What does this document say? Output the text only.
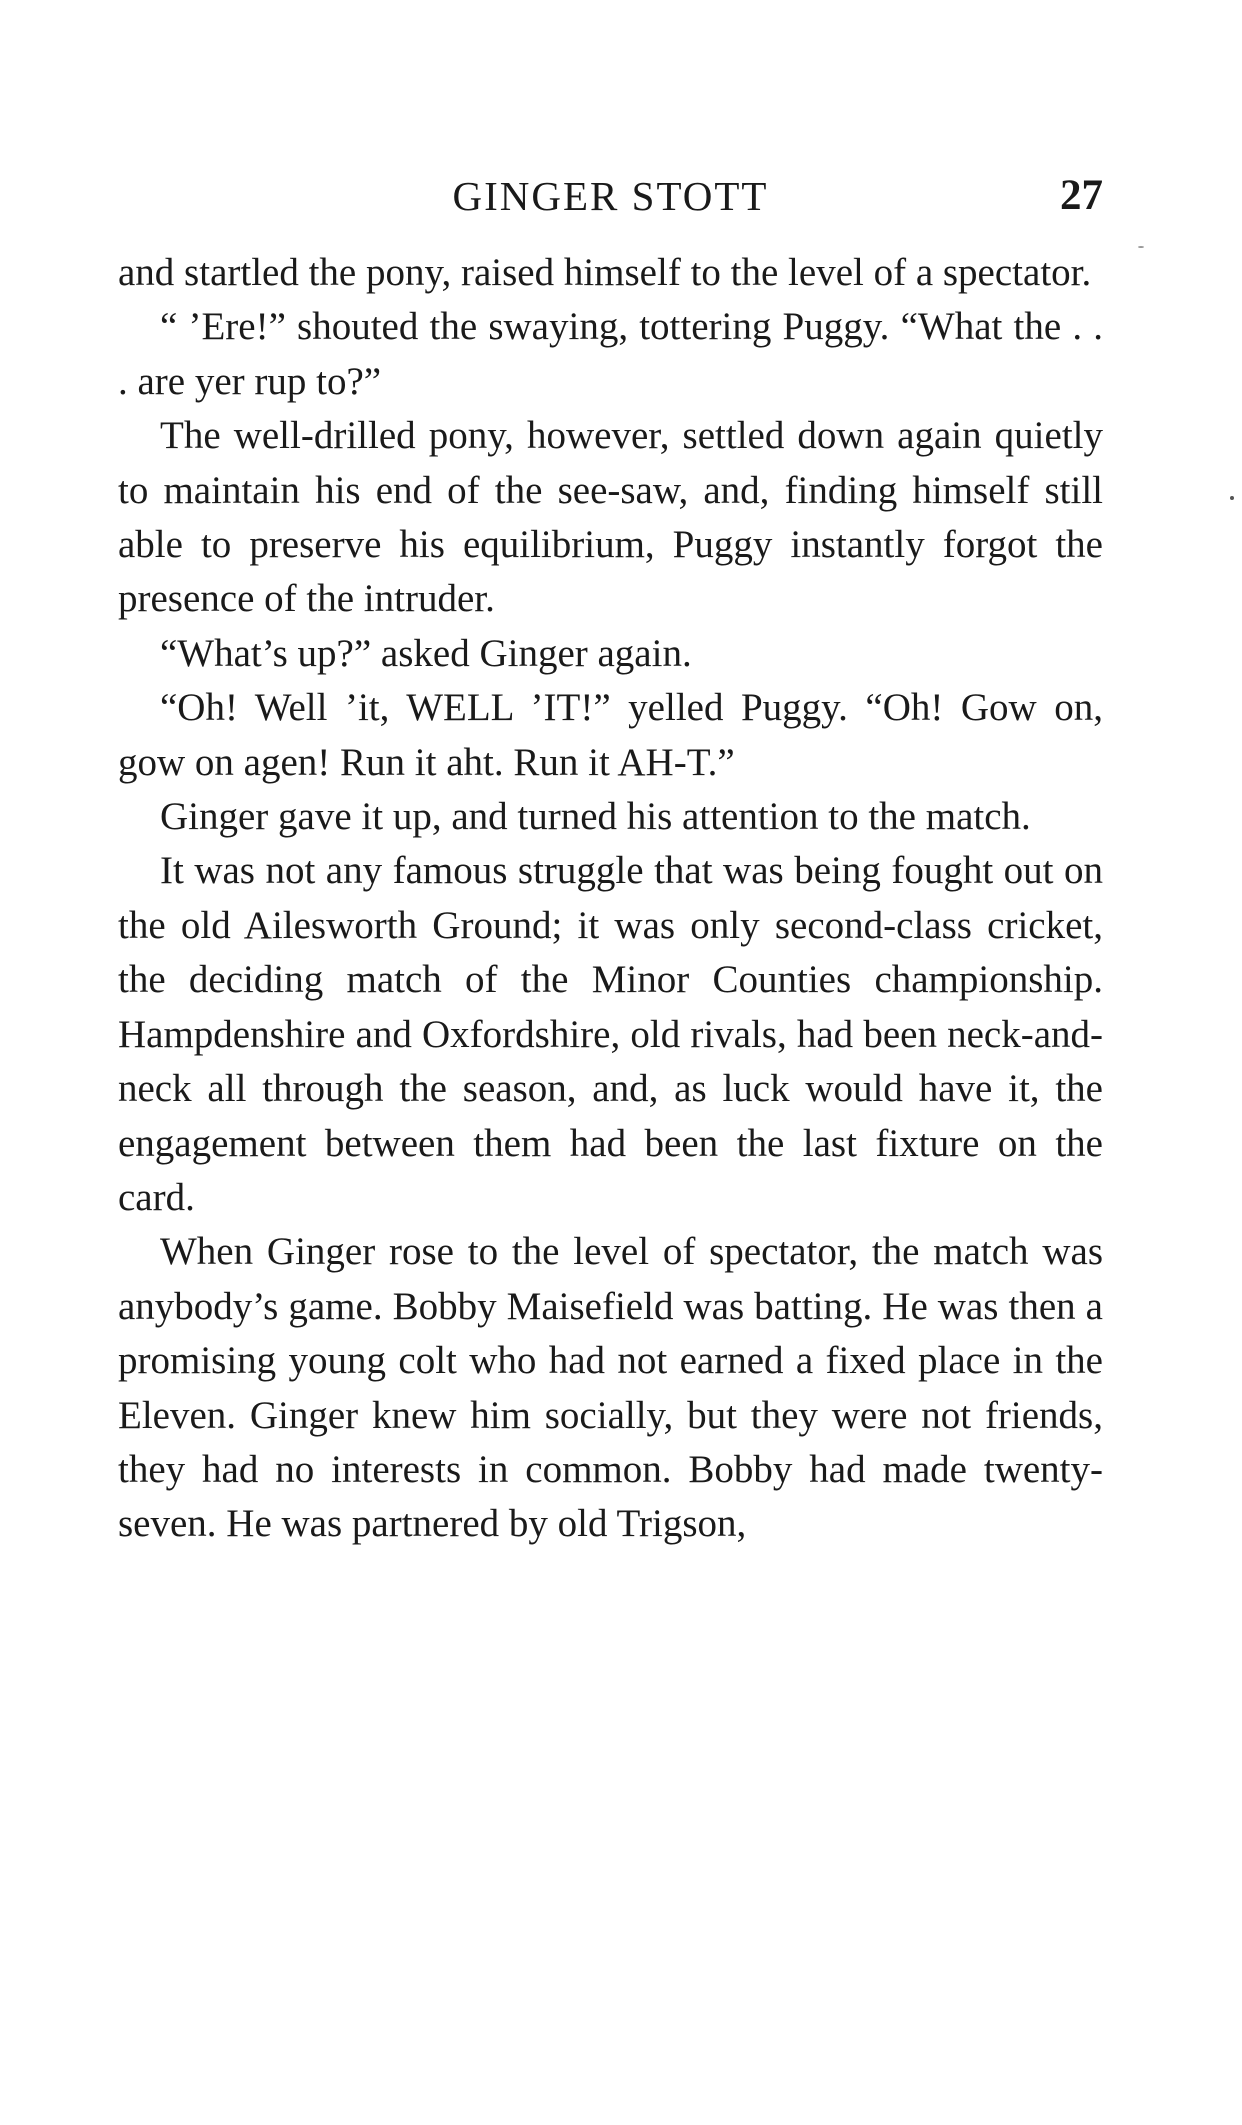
GINGER STOTT	27

and startled the pony, raised himself to the level of a spectator.

“ ’Ere!” shouted the swaying, tottering Puggy. “What the . . . are yer rup to?”

The well-drilled pony, however, settled down again quietly to maintain his end of the see-saw, and, finding himself still able to preserve his equilibrium, Puggy instantly forgot the presence of the intruder.

“What’s up?” asked Ginger again.

“Oh! Well ’it, WELL ’IT!” yelled Puggy. “Oh! Gow on, gow on agen! Run it aht. Run it AH-T.”

Ginger gave it up, and turned his attention to the match.

It was not any famous struggle that was being fought out on the old Ailesworth Ground; it was only second-class cricket, the deciding match of the Minor Counties championship. Hampdenshire and Oxfordshire, old rivals, had been neck-and-neck all through the season, and, as luck would have it, the engagement between them had been the last fixture on the card.

When Ginger rose to the level of spectator, the match was anybody’s game. Bobby Maisefield was batting. He was then a promising young colt who had not earned a fixed place in the Eleven. Ginger knew him socially, but they were not friends, they had no interests in common. Bobby had made twenty-seven. He was partnered by old Trigson,
